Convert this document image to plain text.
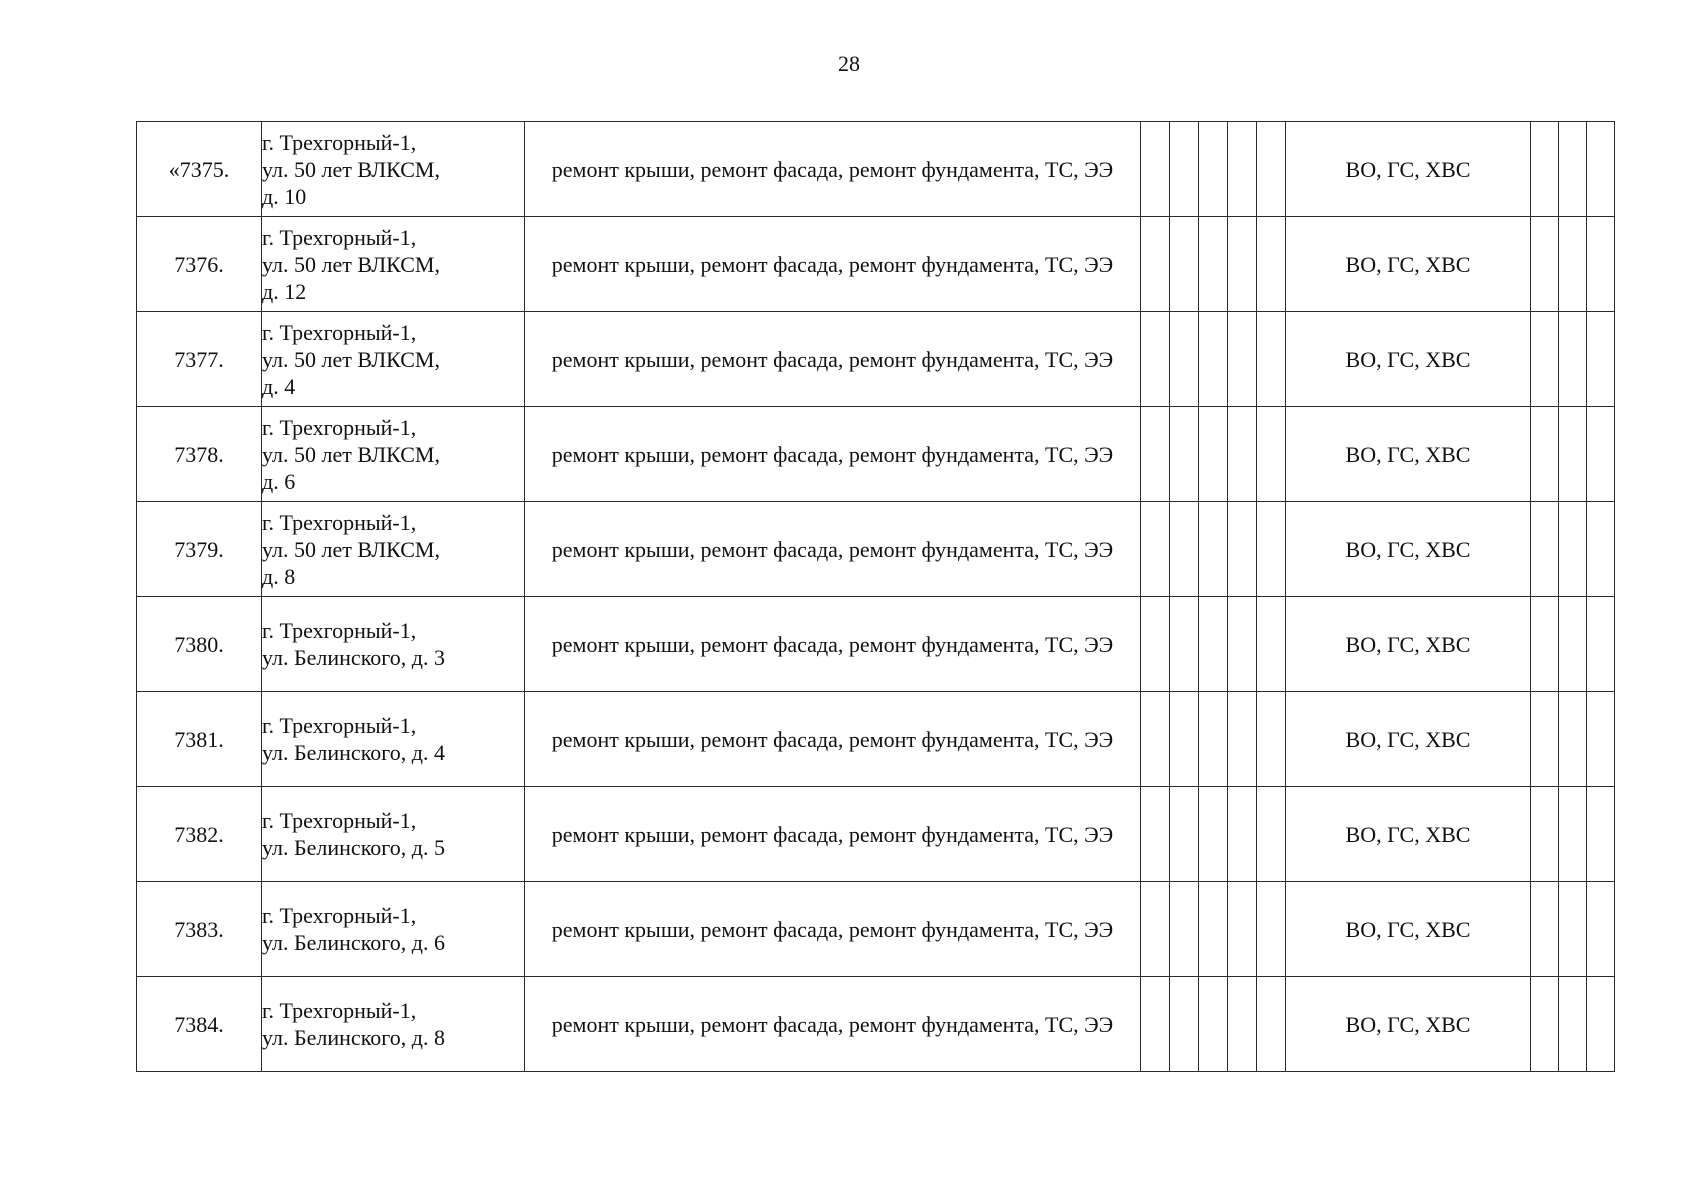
28
«7375.	г. Трехгорный-1,
ул. 50 лет ВЛКСМ,
д. 10	ремонт крыши, ремонт фасада, ремонт фундамента, ТС, ЭЭ						ВО, ГС, ХВС			
7376.	г. Трехгорный-1,
ул. 50 лет ВЛКСМ,
д. 12	ремонт крыши, ремонт фасада, ремонт фундамента, ТС, ЭЭ						ВО, ГС, ХВС			
7377.	г. Трехгорный-1,
ул. 50 лет ВЛКСМ,
д. 4	ремонт крыши, ремонт фасада, ремонт фундамента, ТС, ЭЭ						ВО, ГС, ХВС			
7378.	г. Трехгорный-1,
ул. 50 лет ВЛКСМ,
д. 6	ремонт крыши, ремонт фасада, ремонт фундамента, ТС, ЭЭ						ВО, ГС, ХВС			
7379.	г. Трехгорный-1,
ул. 50 лет ВЛКСМ,
д. 8	ремонт крыши, ремонт фасада, ремонт фундамента, ТС, ЭЭ						ВО, ГС, ХВС			
7380.	г. Трехгорный-1,
ул. Белинского, д. 3	ремонт крыши, ремонт фасада, ремонт фундамента, ТС, ЭЭ						ВО, ГС, ХВС			
7381.	г. Трехгорный-1,
ул. Белинского, д. 4	ремонт крыши, ремонт фасада, ремонт фундамента, ТС, ЭЭ						ВО, ГС, ХВС			
7382.	г. Трехгорный-1,
ул. Белинского, д. 5	ремонт крыши, ремонт фасада, ремонт фундамента, ТС, ЭЭ						ВО, ГС, ХВС			
7383.	г. Трехгорный-1,
ул. Белинского, д. 6	ремонт крыши, ремонт фасада, ремонт фундамента, ТС, ЭЭ						ВО, ГС, ХВС			
7384.	г. Трехгорный-1,
ул. Белинского, д. 8	ремонт крыши, ремонт фасада, ремонт фундамента, ТС, ЭЭ						ВО, ГС, ХВС			
